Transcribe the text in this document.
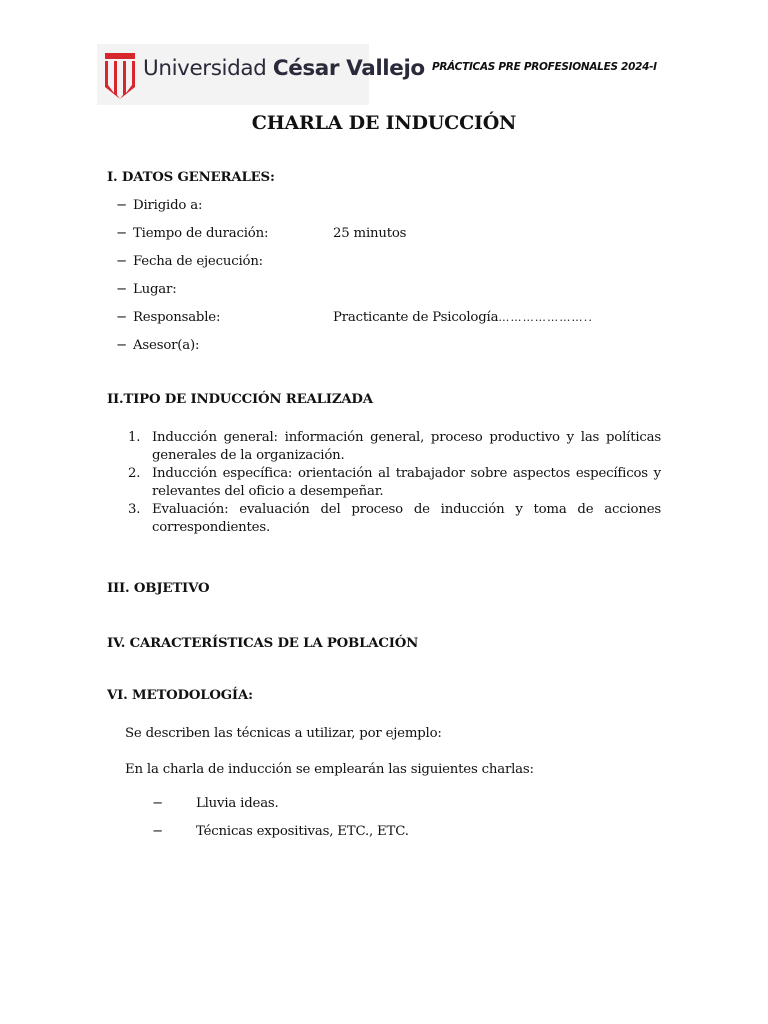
Universidad César Vallejo PRÁCTICAS PRE PROFESIONALES 2024-I
CHARLA DE INDUCCIÓN
I. DATOS GENERALES:
− Dirigido a:
− Tiempo de duración:	25 minutos
− Fecha de ejecución:
− Lugar:
− Responsable:	Practicante de Psicología…………………..
− Asesor(a):
II.TIPO DE INDUCCIÓN REALIZADA
1. Inducción general: información general, proceso productivo y las políticas
generales de la organización.
2. Inducción específica: orientación al trabajador sobre aspectos específicos y
relevantes del oficio a desempeñar.
3. Evaluación: evaluación del proceso de inducción y toma de acciones
correspondientes.
III. OBJETIVO
IV. CARACTERÍSTICAS DE LA POBLACIÓN
VI. METODOLOGÍA:
Se describen las técnicas a utilizar, por ejemplo:
En la charla de inducción se emplearán las siguientes charlas:
− Lluvia ideas.
− Técnicas expositivas, ETC., ETC.
